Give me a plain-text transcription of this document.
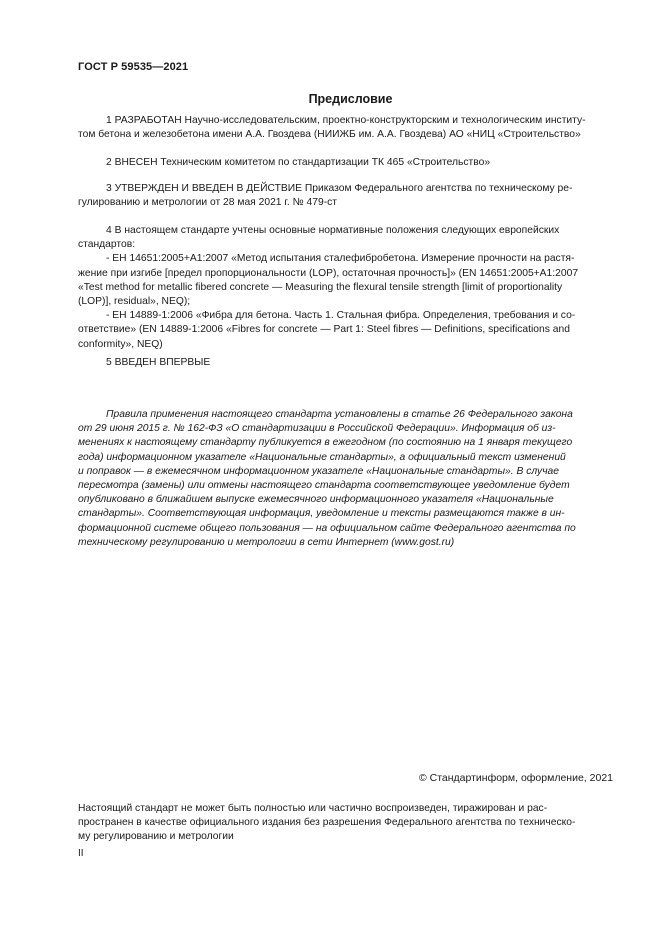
ГОСТ Р 59535—2021
Предисловие
1 РАЗРАБОТАН Научно-исследовательским, проектно-конструкторским и технологическим институ-
том бетона и железобетона имени А.А. Гвоздева (НИИЖБ им. А.А. Гвоздева) АО «НИЦ «Строительство»
2 ВНЕСЕН Техническим комитетом по стандартизации ТК 465 «Строительство»
3 УТВЕРЖДЕН И ВВЕДЕН В ДЕЙСТВИЕ Приказом Федерального агентства по техническому ре-
гулированию и метрологии от 28 мая 2021 г. № 479-ст
4 В настоящем стандарте учтены основные нормативные положения следующих европейских
стандартов:
- ЕН 14651:2005+А1:2007 «Метод испытания сталефибробетона. Измерение прочности на растя-
жение при изгибе [предел пропорциональности (LOP), остаточная прочность]» (EN 14651:2005+A1:2007
«Test method for metallic fibered concrete — Measuring the flexural tensile strength [limit of proportionality
(LOP)], residual», NEQ);
- ЕН 14889-1:2006 «Фибра для бетона. Часть 1. Стальная фибра. Определения, требования и со-
ответствие» (EN 14889-1:2006 «Fibres for concrete — Part 1: Steel fibres — Definitions, specifications and
conformity», NEQ)
5 ВВЕДЕН ВПЕРВЫЕ
Правила применения настоящего стандарта установлены в статье 26 Федерального закона
от 29 июня 2015 г. № 162-ФЗ «О стандартизации в Российской Федерации». Информация об из-
менениях к настоящему стандарту публикуется в ежегодном (по состоянию на 1 января текущего
года) информационном указателе «Национальные стандарты», а официальный текст изменений
и поправок — в ежемесячном информационном указателе «Национальные стандарты». В случае
пересмотра (замены) или отмены настоящего стандарта соответствующее уведомление будет
опубликовано в ближайшем выпуске ежемесячного информационного указателя «Национальные
стандарты». Соответствующая информация, уведомление и тексты размещаются также в ин-
формационной системе общего пользования — на официальном сайте Федерального агентства по
техническому регулированию и метрологии в сети Интернет (www.gost.ru)
© Стандартинформ, оформление, 2021
Настоящий стандарт не может быть полностью или частично воспроизведен, тиражирован и рас-
пространен в качестве официального издания без разрешения Федерального агентства по техническо-
му регулированию и метрологии
II
